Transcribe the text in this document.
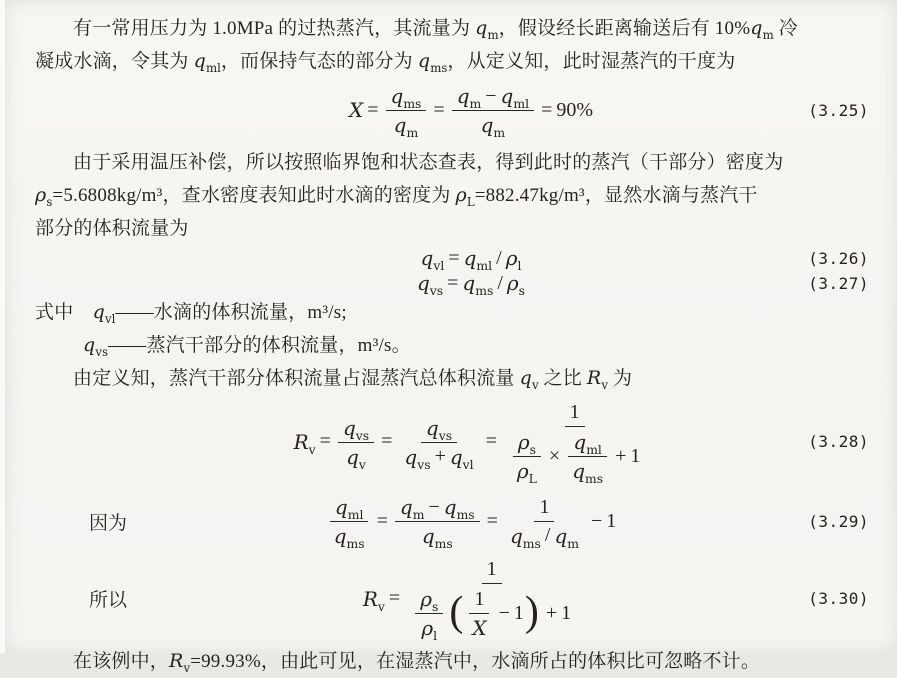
有一常用压力为 1.0MPa 的过热蒸汽，其流量为 $q_m$，假设经长距离输送后有 $10\%q_m$ 冷
凝成水滴，令其为 $q_{ml}$，而保持气态的部分为 $q_{ms}$，从定义知，此时湿蒸汽的干度为

$X = \frac{q_{ms}}{q_m} = \frac{q_m - q_{ml}}{q_m} = 90\%$	(3.25)

由于采用温压补偿，所以按照临界饱和状态查表，得到此时的蒸汽（干部分）密度为
$\rho_s=5.6808kg/m^3$，查水密度表知此时水滴的密度为 $\rho_L=882.47kg/m^3$，显然水滴与蒸汽干
部分的体积流量为

$q_{vl} = q_{ml} / \rho_l$	(3.26)
$q_{vs} = q_{ms} / \rho_s$	(3.27)

式中　$q_{vl}——$水滴的体积流量，m³/s;

$q_{vs}——$蒸汽干部分的体积流量，m³/s。

由定义知，蒸汽干部分体积流量占湿蒸汽总体积流量 $q_v$ 之比 $R_v$ 为

$R_v = \frac{q_{vs}}{q_v} = \frac{q_{vs}}{q_{vs} + q_{vl}} = \frac{1}{\frac{\rho_s}{\rho_L} \times \frac{q_{ml}}{q_{ms}} + 1}$	(3.28)
因为	$\frac{q_{ml}}{q_{ms}} = \frac{q_m - q_{ms}}{q_{ms}} = \frac{1}{q_{ms} / q_m} - 1$	(3.29)
所以	$R_v = \frac{1}{\frac{\rho_s}{\rho_l} ( \frac{1}{X} - 1 ) + 1}$	(3.30)

在该例中，$R_v=99.93\%$，由此可见，在湿蒸汽中，水滴所占的体积比可忽略不计。
